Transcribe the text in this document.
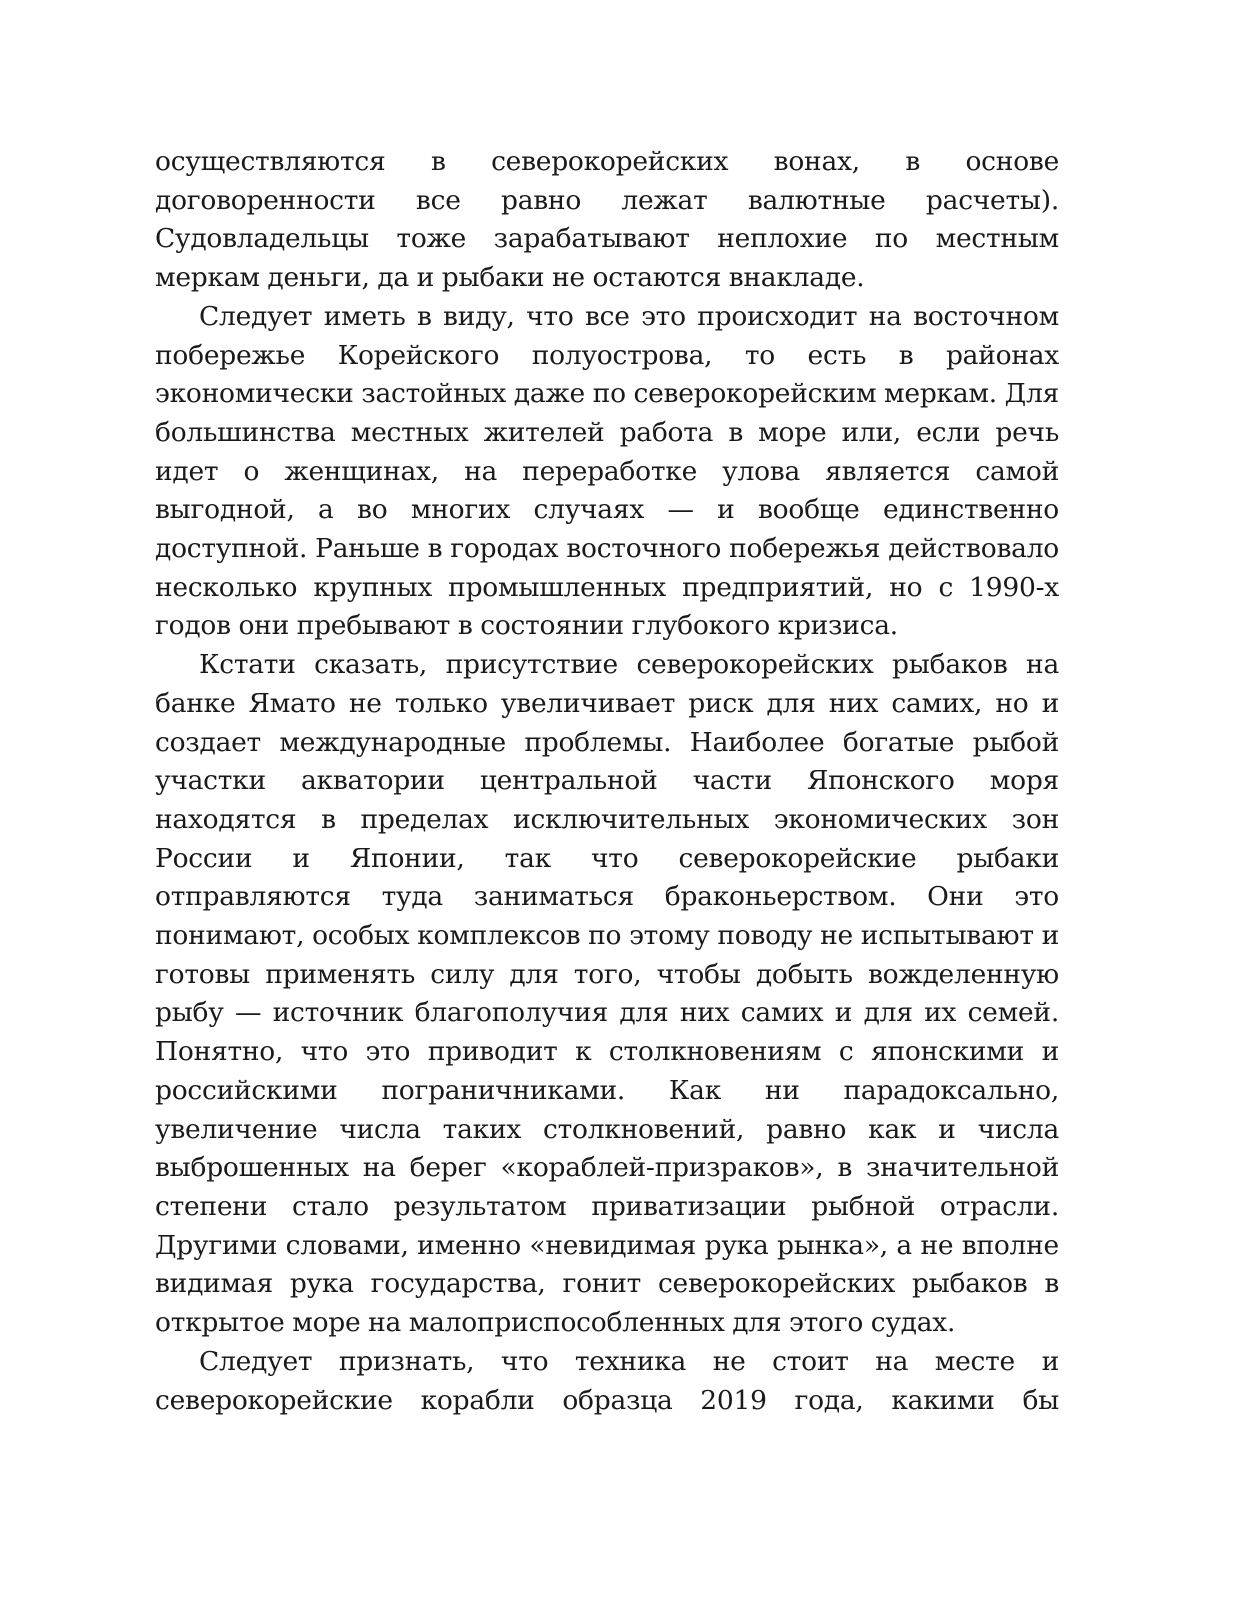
осуществляются в северокорейских вонах, в основе договоренности все равно лежат валютные расчеты). Судовладельцы тоже зарабатывают неплохие по местным меркам деньги, да и рыбаки не остаются внакладе.

Следует иметь в виду, что все это происходит на восточном побережье Корейского полуострова, то есть в районах экономически застойных даже по северокорейским меркам. Для большинства местных жителей работа в море или, если речь идет о женщинах, на переработке улова является самой выгодной, а во многих случаях — и вообще единственно доступной. Раньше в городах восточного побережья действовало несколько крупных промышленных предприятий, но с 1990-х годов они пребывают в состоянии глубокого кризиса.

Кстати сказать, присутствие северокорейских рыбаков на банке Ямато не только увеличивает риск для них самих, но и создает международные проблемы. Наиболее богатые рыбой участки акватории центральной части Японского моря находятся в пределах исключительных экономических зон России и Японии, так что северокорейские рыбаки отправляются туда заниматься браконьерством. Они это понимают, особых комплексов по этому поводу не испытывают и готовы применять силу для того, чтобы добыть вожделенную рыбу — источник благополучия для них самих и для их семей. Понятно, что это приводит к столкновениям с японскими и российскими пограничниками. Как ни парадоксально, увеличение числа таких столкновений, равно как и числа выброшенных на берег «кораблей-призраков», в значительной степени стало результатом приватизации рыбной отрасли. Другими словами, именно «невидимая рука рынка», а не вполне видимая рука государства, гонит северокорейских рыбаков в открытое море на малоприспособленных для этого судах.

Следует признать, что техника не стоит на месте и северокорейские корабли образца 2019 года, какими бы
